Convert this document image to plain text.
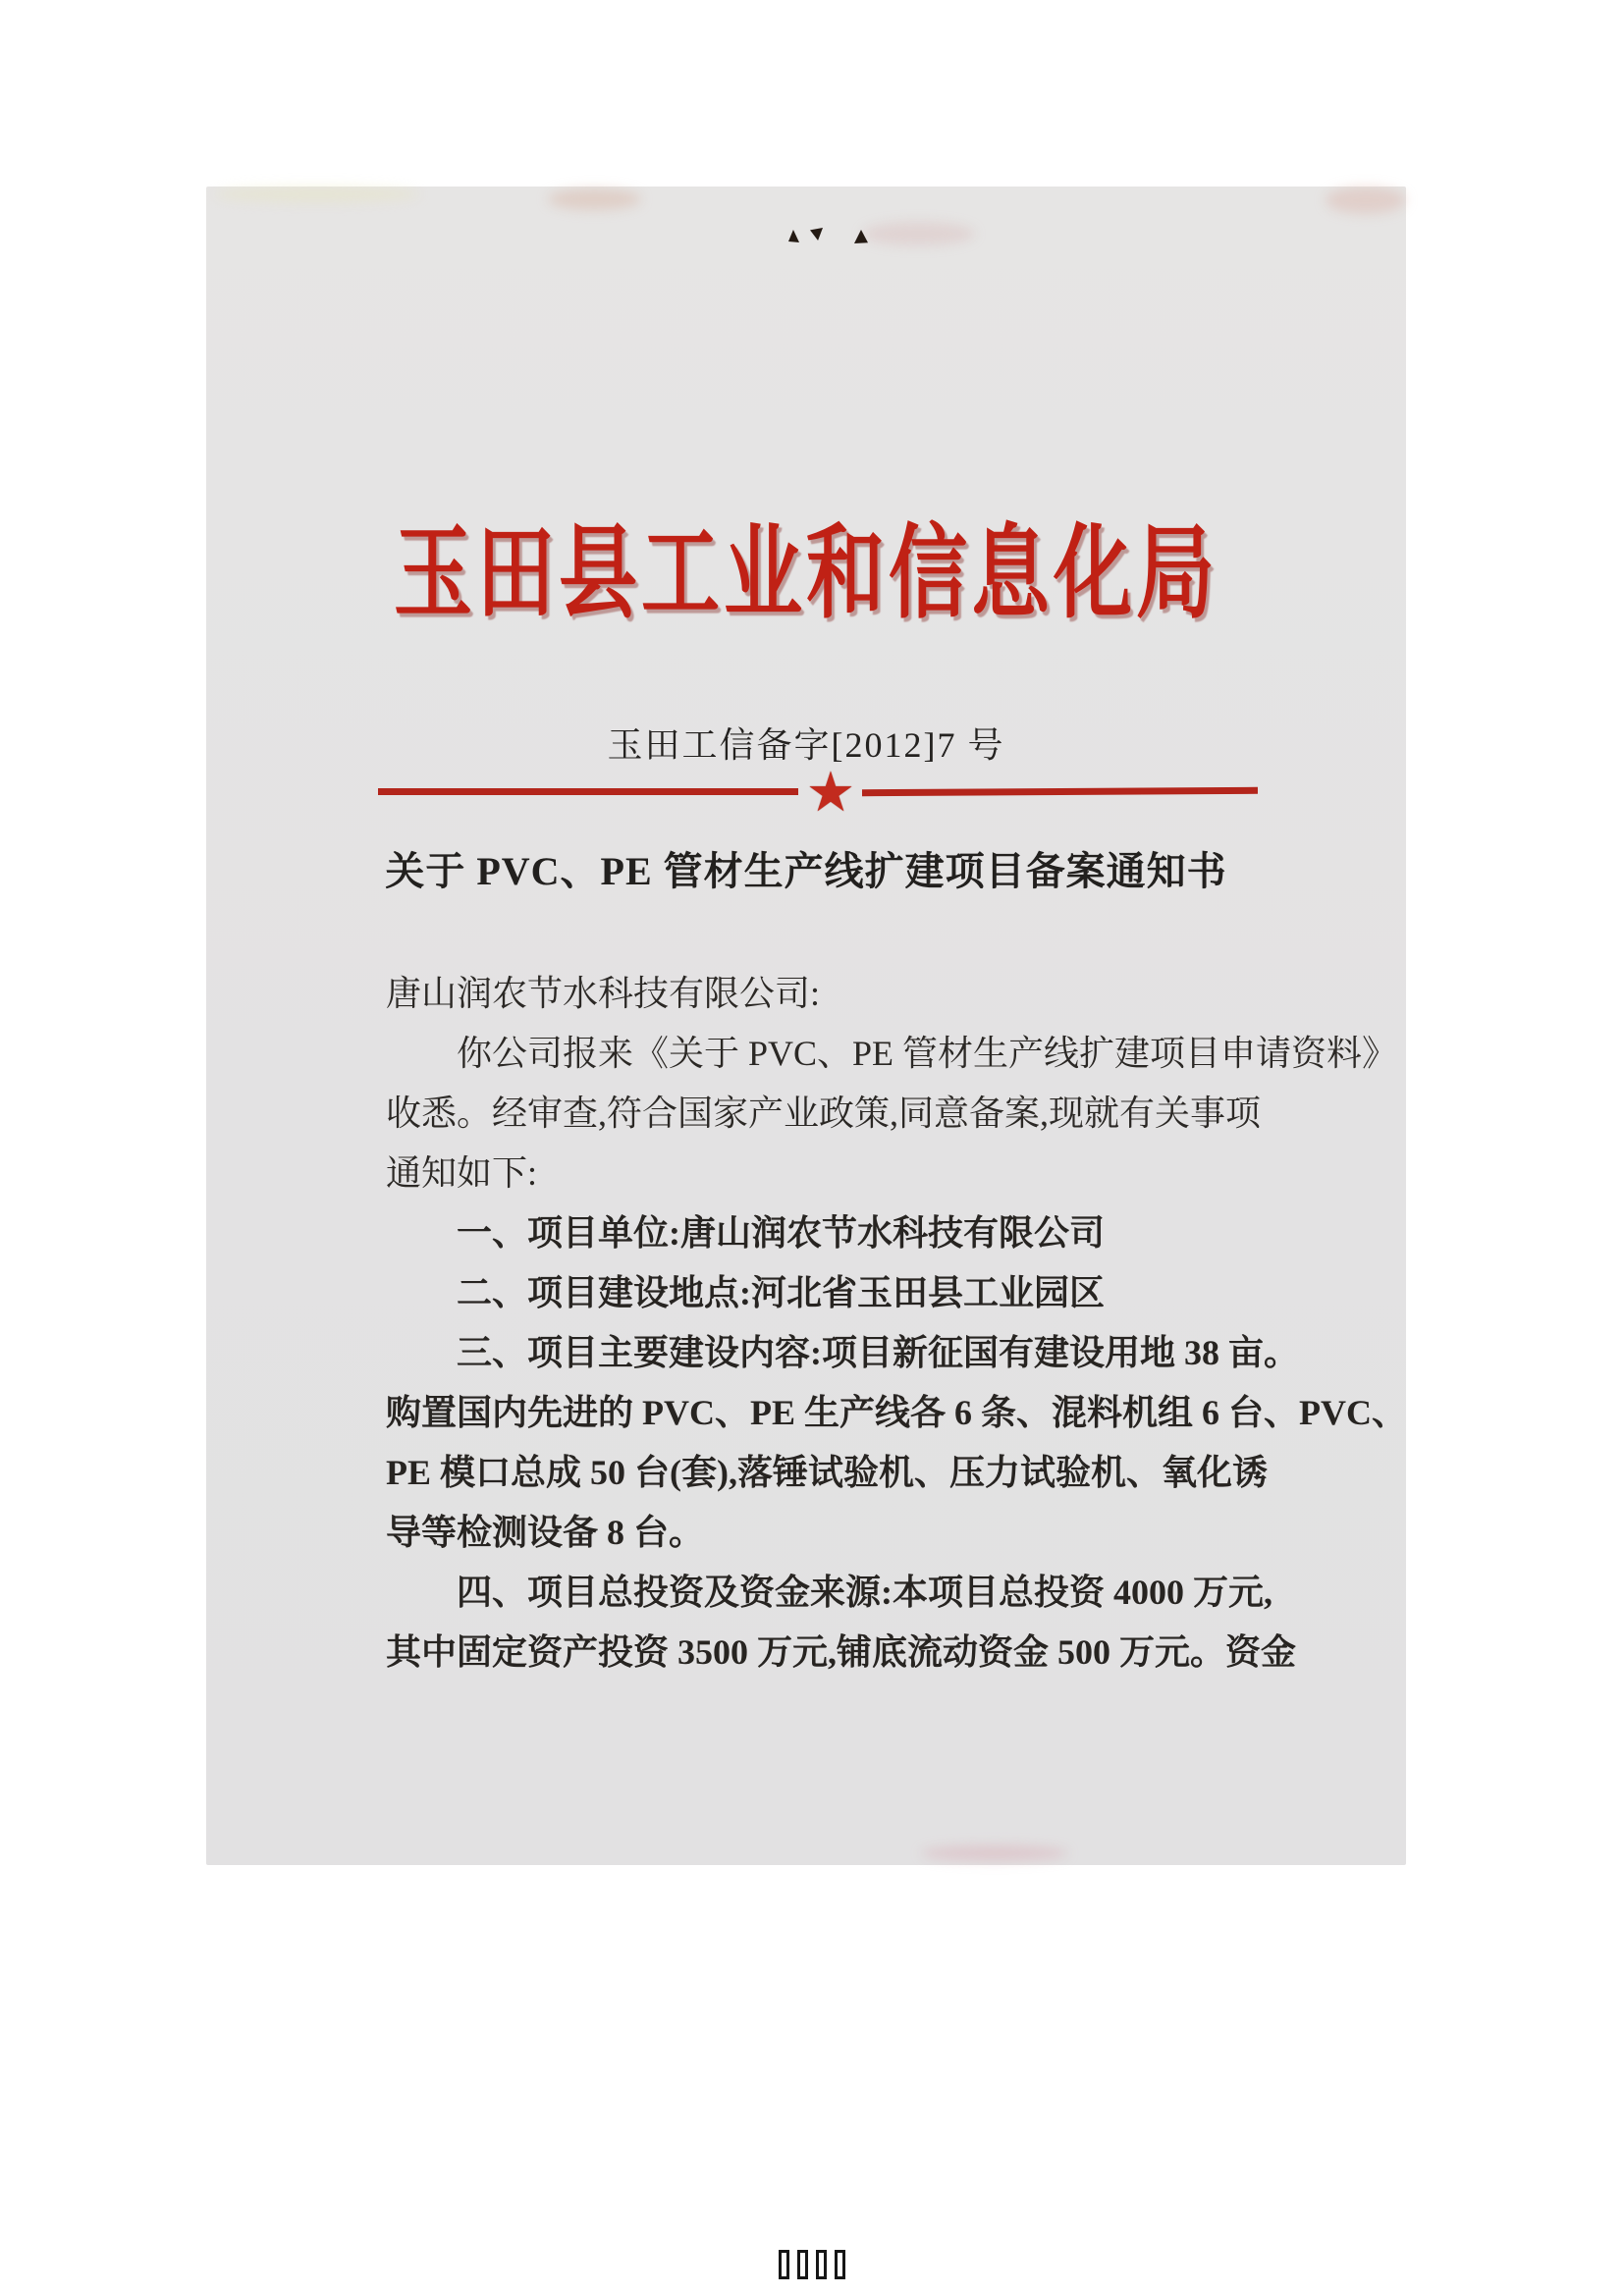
玉田县工业和信息化局
玉田工信备字[2012]7 号
★
关于 PVC、PE 管材生产线扩建项目备案通知书
唐山润农节水科技有限公司:
你公司报来《关于 PVC、PE 管材生产线扩建项目申请资料》
收悉。经审查,符合国家产业政策,同意备案,现就有关事项
通知如下:
一、项目单位:唐山润农节水科技有限公司
二、项目建设地点:河北省玉田县工业园区
三、项目主要建设内容:项目新征国有建设用地 38 亩。
购置国内先进的 PVC、PE 生产线各 6 条、混料机组 6 台、PVC、
PE 模口总成 50 台(套),落锤试验机、压力试验机、氧化诱
导等检测设备 8 台。
四、项目总投资及资金来源:本项目总投资 4000 万元,
其中固定资产投资 3500 万元,铺底流动资金 500 万元。资金
